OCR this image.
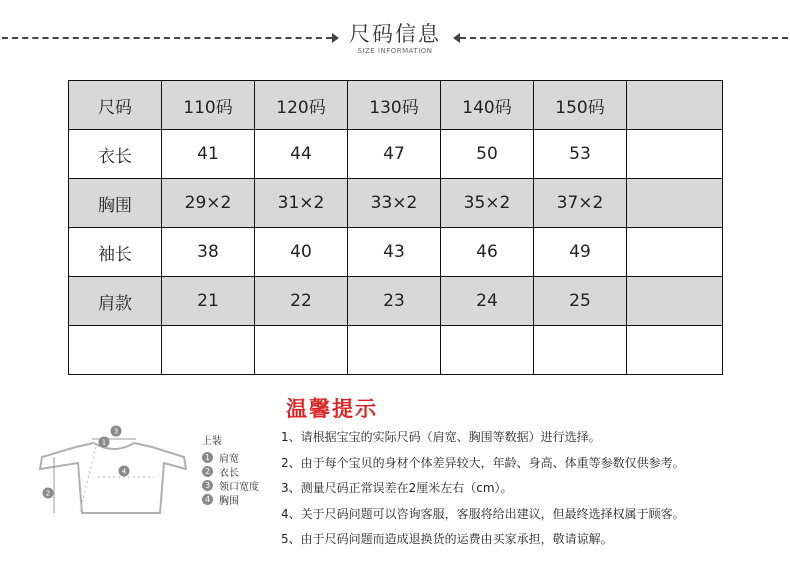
尺码信息
SIZE INFORMATION
尺码	110码	120码	130码	140码	150码	
衣长	41	44	47	50	53	
胸围	29×2	31×2	33×2	35×2	37×2	
袖长	38	40	43	46	49	
肩款	21	22	23	24	25	

3
1
2
4
上装
1 肩宽
2 衣长
3 领口宽度
4 胸围
温馨提示
1、请根据宝宝的实际尺码（肩宽、胸围等数据）进行选择。
2、由于每个宝贝的身材个体差异较大，年龄、身高、体重等参数仅供参考。
3、测量尺码正常误差在2厘米左右（cm）。
4、关于尺码问题可以咨询客服，客服将给出建议，但最终选择权属于顾客。
5、由于尺码问题而造成退换货的运费由买家承担，敬请谅解。
